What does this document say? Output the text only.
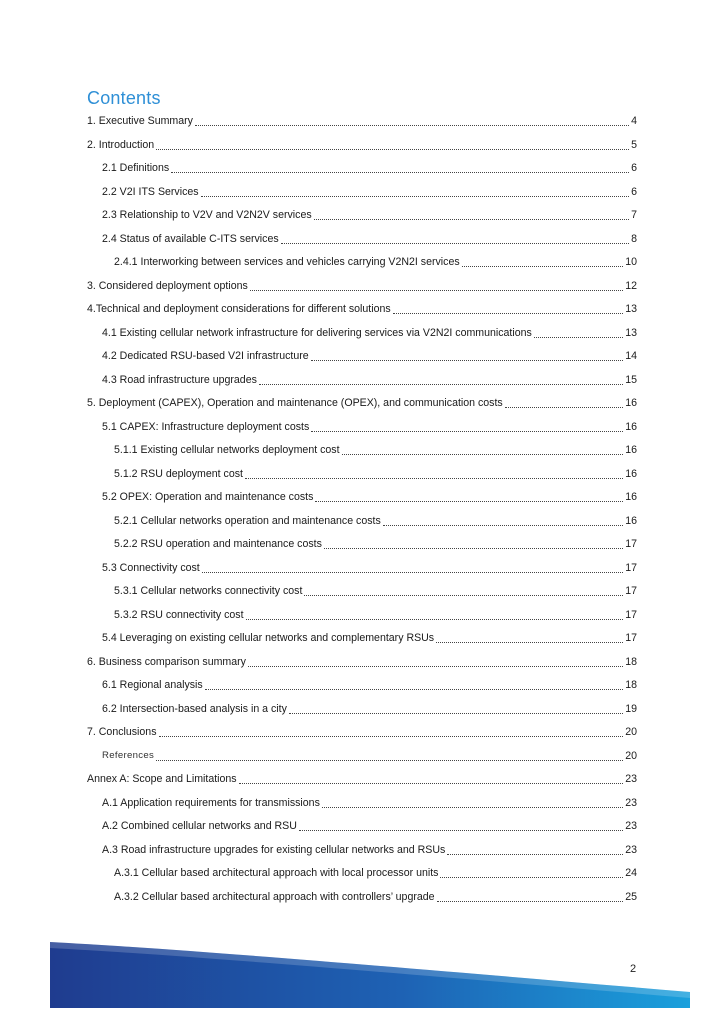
Contents
1. Executive Summary	4
2. Introduction	5
2.1 Definitions	6
2.2 V2I ITS Services	6
2.3 Relationship to V2V and V2N2V services	7
2.4 Status of available C-ITS services	8
2.4.1 Interworking between services and vehicles carrying V2N2I services	10
3. Considered deployment options	12
4.Technical and deployment considerations for different solutions	13
4.1 Existing cellular network infrastructure for delivering services via V2N2I communications	13
4.2 Dedicated RSU-based V2I infrastructure	14
4.3 Road infrastructure upgrades	15
5. Deployment (CAPEX), Operation and maintenance (OPEX), and communication costs	16
5.1 CAPEX: Infrastructure deployment costs	16
5.1.1 Existing cellular networks deployment cost	16
5.1.2 RSU deployment cost	16
5.2 OPEX: Operation and maintenance costs	16
5.2.1 Cellular networks operation and maintenance costs	16
5.2.2 RSU operation and maintenance costs	17
5.3 Connectivity cost	17
5.3.1 Cellular networks connectivity cost	17
5.3.2 RSU connectivity cost	17
5.4 Leveraging on existing cellular networks and complementary RSUs	17
6. Business comparison summary	18
6.1 Regional analysis	18
6.2 Intersection-based analysis in a city	19
7. Conclusions	20
References	20
Annex A: Scope and Limitations	23
A.1 Application requirements for transmissions	23
A.2 Combined cellular networks and RSU	23
A.3 Road infrastructure upgrades for existing cellular networks and RSUs	23
A.3.1 Cellular based architectural approach with local processor units	24
A.3.2 Cellular based architectural approach with controllers’ upgrade	25
2
